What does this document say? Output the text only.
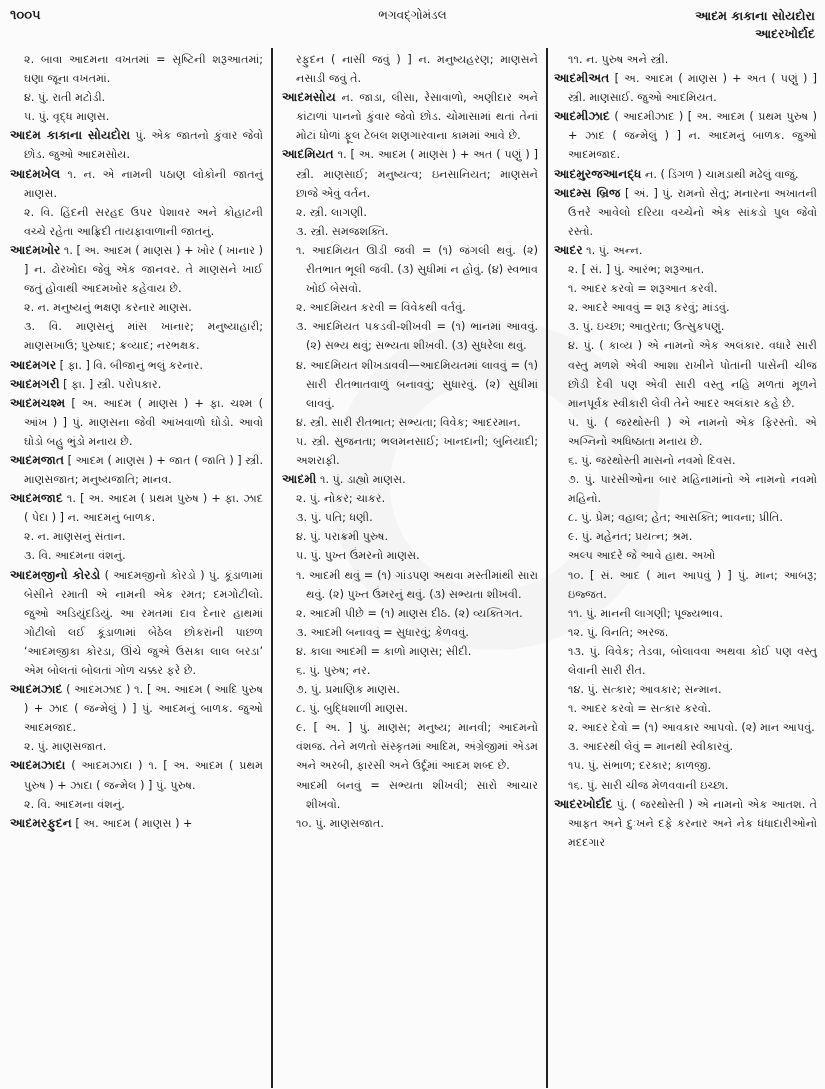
૧૦૦૫	ભગવદ્ગોમંડલ	આદમ કાકાના સોયદોરા
આદરખોર્દાદ

૨. બાવા આદમના વખતમાં = સૃષ્ટિની શરૂઆતમાં; ઘણા જૂના વખતમાં.

૪. પું. રાતી મટોડી.

૫. પું. વૃદ્ધ માણસ.

આદમ કાકાના સોયદોરા પું. એક જાતનો કુંવાર જેવો છોડ. જુઓ આદમસોય.

આદમખેલ ૧. ન. એ નામની પઠાણ લોકોની જાતનું માણસ.

૨. વિ. હિંદની સરહદ ઉપર પેશાવર અને કોહાટની વચ્ચે રહેતા આફ્રિદી તાયફાવાળાની જાતનું.

આદમખોર ૧. [ અ. આદમ ( માણસ ) + ખોર ( ખાનાર ) ] ન. ઢોરખોદા જેવું એક જાનવર. તે માણસને ખાઈ જતું હોવાથી આદમખોર કહેવાય છે.

૨. ન. મનુષ્યનું ભક્ષણ કરનાર માણસ.

૩. વિ. માણસનું માંસ ખાનાર; મનુષ્યાહારી; માણસખાઉ; પુરુષાદ; ક્રવ્યાદ; નરભક્ષક.

આદમગર [ ફા. ] વિ. બીજાનું ભલું કરનાર.

આદમગરી [ ફા. ] સ્ત્રી. પરોપકાર.

આદમચશ્મ [ અ. આદમ ( માણસ ) + ફા. ચશ્મ ( આંખ ) ] પું. માણસના જેવી આંખવાળો ઘોડો. આવો ઘોડો બહુ ભુંડો મનાય છે.

આદમજાત [ આદમ ( માણસ ) + જાત ( જાતિ ) ] સ્ત્રી. માણસજાત; મનુષ્યજાતિ; માનવ.

આદમજાદ ૧. [ અ. આદમ ( પ્રથમ પુરુષ ) + ફા. ઝાદ ( પેદા ) ] ન. આદમનું બાળક.

૨. ન. માણસનું સંતાન.

૩. વિ. આદમના વંશનું.

આદમજીનો કોરડો ( આદમજીનો કોરડો ) પું. કૂંડાળામાં બેસીને રમાતી એ નામની એક રમત; દમગોટીલો. જુઓ અડિયુંદડિયું. આ રમતમાં દાવ દેનાર હાથમાં ગોટીલો લઈ કૂંડાળામાં બેઠેલ છોકરાંની પાછળ ‘આદમજીકા કોરડા, ઊંચે જુએ ઉસકા લાલ બરડા’ એમ બોલતાં બોલતાં ગોળ ચક્કર ફરે છે.

આદમઝાદ ( આદમઝાદ ) ૧. [ અ. આદમ ( આદિ પુરુષ ) + ઝાદ ( જન્મેલું ) ] પું. આદમનું બાળક. જુઓ આદમજાદ.

૨. પું. માણસજાત.

આદમઝાદા ( આદમઝાદા ) ૧. [ અ. આદમ ( પ્રથમ પુરુષ ) + ઝાદા ( જન્મેલ ) ] પું. પુરુષ.

૨. વિ. આદમના વંશનું.

આદમરફુદન [ અ. આદમ ( માણસ ) +

રફુદન ( નાસી જવું ) ] ન. મનુષ્યહરણ; માણસને નસાડી જવું તે.

આદમસોય ન. જાડા, લીસા, રેસાવાળો, અણીદાર અને કાંટાળાં પાનનો કુંવાર જેવો છોડ. ચોમાસામાં થતાં તેનાં મોટાં ધોળાં ફૂલ ટેબલ શણગારવાના કામમાં આવે છે.

આદમિયત ૧. [ અ. આદમ ( માણસ ) + અત ( પણું ) ] સ્ત્રી. માણસાઈ; મનુષ્યત્વ; ઇનસાનિયત; માણસને છાજે એવું વર્તન.

૨. સ્ત્રી. લાગણી.

૩. સ્ત્રી. સમજશક્તિ.

૧. આદમિયત ઊડી જવી = (૧) જંગલી થવું. (૨) રીતભાત ભૂલી જવી. (૩) સુધીમાં ન હોવું. (૪) સ્વભાવ ખોઈ બેસવો.

૨. આદમિયત કરવી = વિવેકથી વર્તવું.

૩. આદમિયત પકડવી-શીખવી = (૧) ભાનમાં આવવું. (૨) સભ્ય થવું; સભ્યતા શીખવી. (૩) સુધરેલા થવું.

૪. આદમિયત શીખડાવવી—આદમિયતમાં લાવવું = (૧) સારી રીતભાતવાળું બનાવવું; સુધારવું. (૨) સુધીમાં લાવવું.

૪. સ્ત્રી. સારી રીતભાત; સભ્યતા; વિવેક; આદરમાન.

૫. સ્ત્રી. સુજનતા; ભલમનસાઈ; ખાનદાની; બુનિયાદી; અશરાફી.

આદમી ૧. પું. ડાહ્યો માણસ.

૨. પું. નોકર; ચાકર.

૩. પું. પતિ; ધણી.

૪. પું. પરાક્રમી પુરુષ.

૫. પું. પુખ્ત ઉંમરનો માણસ.

૧. આદમી થવું = (૧) ગાંડપણ અથવા મસ્તીમાંથી સારા થવું. (૨) પુખ્ત ઉંમરનું થવું. (૩) સભ્યતા શીખવી.

૨. આદમી પીછે = (૧) માણસ દીઠ. (૨) વ્યક્તિગત.

૩. આદમી બનાવવું = સુધારવું; કેળવવું.

૪. કાલા આદમી = કાળો માણસ; સીદી.

૬. પું. પુરુષ; નર.

૭. પું. પ્રમાણિક માણસ.

૮. પું. બુદ્ધિશાળી માણસ.

૯. [ અ. ] પું. માણસ; મનુષ્ય; માનવી; આદમનો વંશજ. તેને મળતો સંસ્કૃતમાં આદિમ, અંગ્રેજીમાં એડમ અને અરબી, ફારસી અને ઉર્દૂમાં આદમ શબ્દ છે.

આદમી બનવું = સભ્યતા શીખવી; સારો આચાર શીખવો.

૧૦. પું. માણસજાત.

૧૧. ન. પુરુષ અને સ્ત્રી.

આદમીઅત [ અ. આદમ ( માણસ ) + અત ( પણું ) ] સ્ત્રી. માણસાઈ. જુઓ આદમિયત.

આદમીઝાદ ( આદમીઝાદ ) [ અ. આદમ ( પ્રથમ પુરુષ ) + ઝાદ ( જન્મેલું ) ] ન. આદમનું બાળક. જુઓ આદમજાદ.

આદમુરજઆનદ્ધ ન. ( ડિંગળ ) ચામડાથી મઢેલું વાજું.

આદમ્સ બ્રિજ [ અં. ] પું. રામનો સેતુ; મનારના અખાતની ઉત્તરે આવેલો દરિયા વચ્ચેનો એક સાંકડો પુલ જેવો રસ્તો.

આદર ૧. પું. અન્ન.

૨. [ સં. ] પું. આરંભ; શરૂઆત.

૧. આદર કરવો = શરૂઆત કરવી.

૨. આદરે આવવું = શરૂ કરવું; માંડવું.

૩. પું. ઇચ્છા; આતુરતા; ઉત્સુકપણું.

૪. પું. ( કાવ્ય ) એ નામનો એક અલંકાર. વધારે સારી વસ્તુ મળશે એવી આશા રાખીને પોતાની પાસેની ચીજ છોડી દેવી પણ એવી સારી વસ્તુ નહિ મળતાં મૂળને માનપૂર્વક સ્વીકારી લેવી તેને આદર અલંકાર કહે છે.

૫. પું. ( જરથોસ્તી ) એ નામનો એક ફિરસ્તો. એ અગ્નિનો અધિષ્ઠાતા મનાય છે.

૬. પું. જરથોસ્તી માસનો નવમો દિવસ.

૭. પું. પારસીઓના બાર મહિનામાંનો એ નામનો નવમો મહિનો.

૮. પું. પ્રેમ; વહાલ; હેત; આસક્તિ; ભાવના; પ્રીતિ.

૯. પું. મહેનત; પ્રયત્ન; શ્રમ.

અલ્પ આદરે જે આવે હાથ. અખો

૧૦. [ સં. આદ ( માન આપવું ) ] પું. માન; આબરૂ; ઇજ્જત.

૧૧. પું. માનની લાગણી; પૂજ્યભાવ.

૧૨. પું. વિનતિ; અરજ.

૧૩. પું. વિવેક; તેડવા, બોલાવવા અથવા કોઈ પણ વસ્તુ લેવાની સારી રીત.

૧૪. પું. સત્કાર; આવકાર; સન્માન.

૧. આદર કરવો = સત્કાર કરવો.

૨. આદર દેવો = (૧) આવકાર આપવો. (૨) માન આપવું.

૩. આદરથી લેવું = માનથી સ્વીકારવું.

૧૫. પું. સંભાળ; દરકાર; કાળજી.

૧૬. પું. સારી ચીજ મેળવવાની ઇચ્છા.

આદરખોર્દાદ પું. ( જરથોસ્તી ) એ નામનો એક આતશ. તે આફત અને દુઃખને દફે કરનાર અને નેક ધંધાદારીઓનો મદદગાર
